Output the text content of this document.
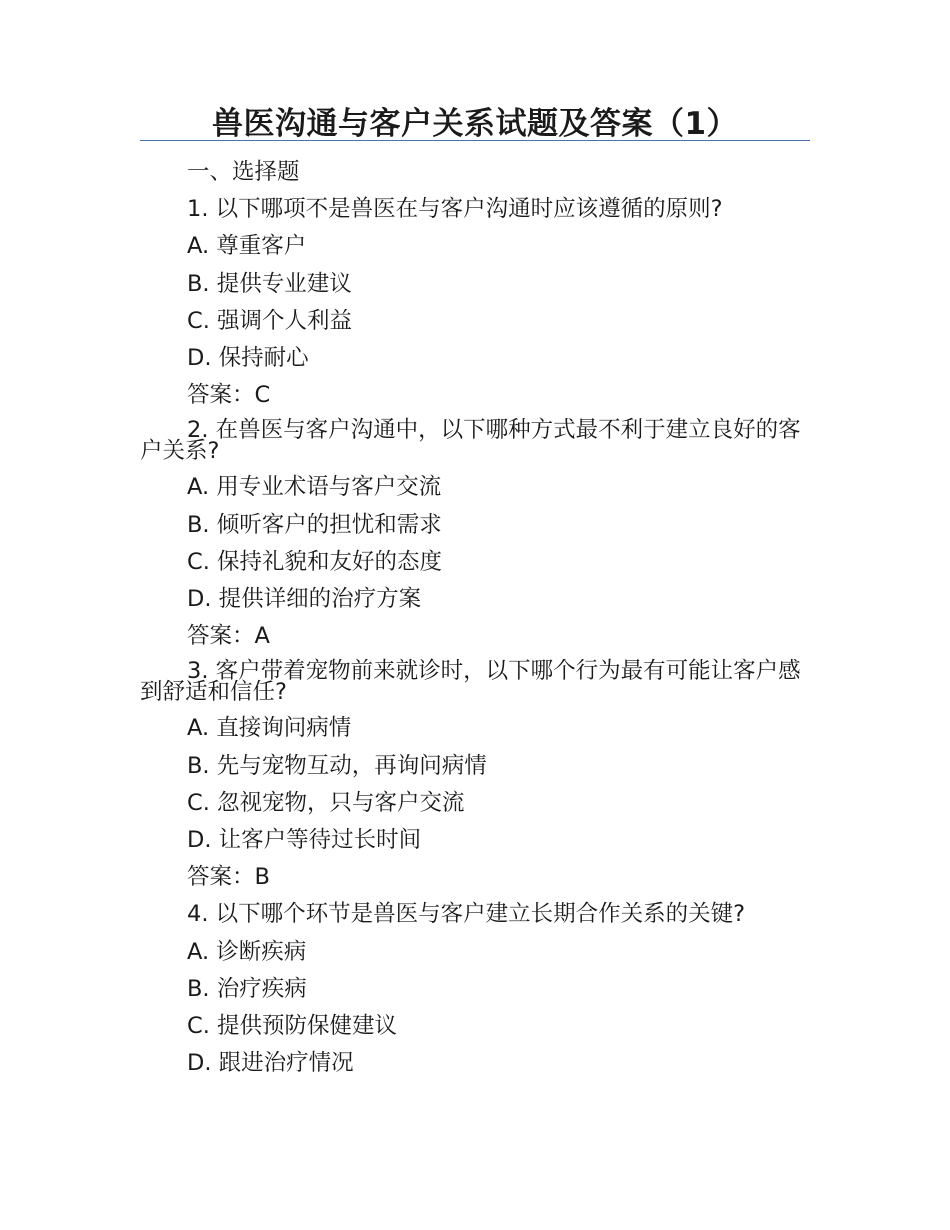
兽医沟通与客户关系试题及答案（1）

一、选择题

1. 以下哪项不是兽医在与客户沟通时应该遵循的原则?

A. 尊重客户

B. 提供专业建议

C. 强调个人利益

D. 保持耐心

答案：C

2. 在兽医与客户沟通中，以下哪种方式最不利于建立良好的客户关系?

A. 用专业术语与客户交流

B. 倾听客户的担忧和需求

C. 保持礼貌和友好的态度

D. 提供详细的治疗方案

答案：A

3. 客户带着宠物前来就诊时，以下哪个行为最有可能让客户感到舒适和信任?

A. 直接询问病情

B. 先与宠物互动，再询问病情

C. 忽视宠物，只与客户交流

D. 让客户等待过长时间

答案：B

4. 以下哪个环节是兽医与客户建立长期合作关系的关键?

A. 诊断疾病

B. 治疗疾病

C. 提供预防保健建议

D. 跟进治疗情况
